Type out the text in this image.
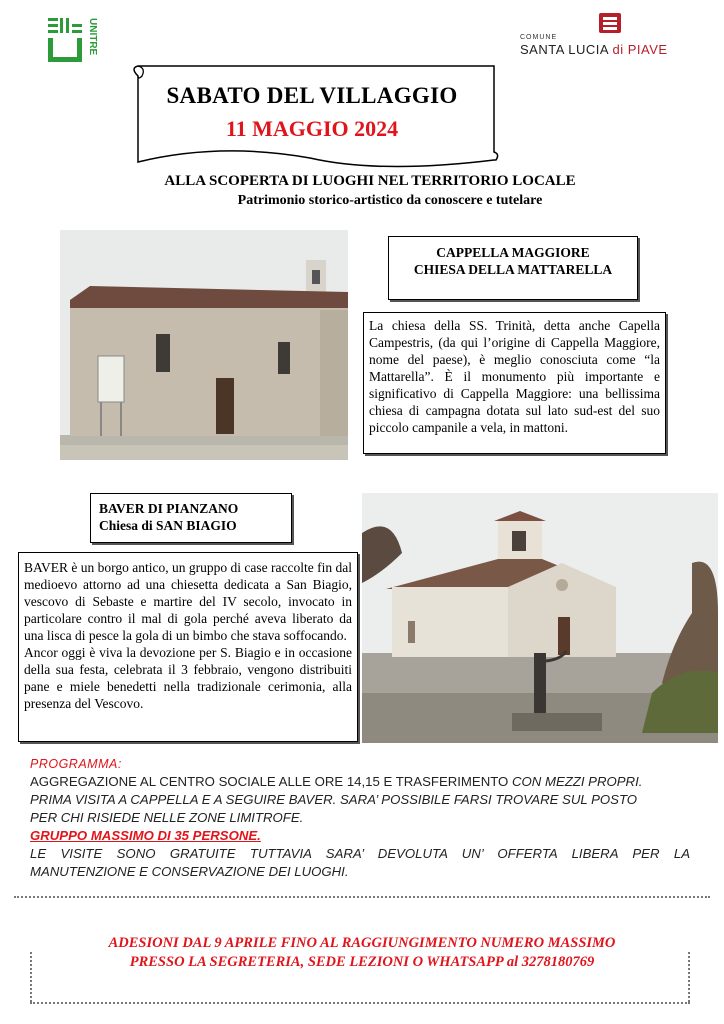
UNITRE	COMUNE
SANTA LUCIA di PIAVE
SABATO DEL VILLAGGIO
11 MAGGIO 2024
ALLA SCOPERTA DI LUOGHI NEL TERRITORIO LOCALE
Patrimonio storico-artistico da conoscere e tutelare
CAPPELLA MAGGIORE
CHIESA DELLA MATTARELLA
La chiesa della SS. Trinità, detta anche Capella Campestris, (da qui l’origine di Cappella Maggiore, nome del paese), è meglio conosciuta come “la Mattarella”. È il monumento più importante e significativo di Cappella Maggiore: una bellissima chiesa di campagna dotata sul lato sud-est del suo piccolo campanile a vela, in mattoni.
BAVER DI PIANZANO
Chiesa di SAN BIAGIO

BAVER è un borgo antico, un gruppo di case raccolte fin dal medioevo attorno ad una chiesetta dedicata a San Biagio, vescovo di Sebaste e martire del IV secolo, invocato in particolare contro il mal di gola perché aveva liberato da una lisca di pesce la gola di un bimbo che stava soffocando.

Ancor oggi è viva la devozione per S. Biagio e in occasione della sua festa, celebrata il 3 febbraio, vengono distribuiti pane e miele benedetti nella tradizionale cerimonia, alla presenza del Vescovo.

PROGRAMMA:
AGGREGAZIONE AL CENTRO SOCIALE ALLE ORE 14,15 E TRASFERIMENTO CON MEZZI PROPRI.
PRIMA VISITA A CAPPELLA E A SEGUIRE BAVER. SARA’ POSSIBILE FARSI TROVARE SUL POSTO
PER CHI RISIEDE NELLE ZONE LIMITROFE.
GRUPPO MASSIMO DI 35 PERSONE.
LE VISITE SONO GRATUITE TUTTAVIA SARA’ DEVOLUTA UN’ OFFERTA LIBERA PER LA
MANUTENZIONE E CONSERVAZIONE DEI LUOGHI.
ADESIONI DAL 9 APRILE FINO AL RAGGIUNGIMENTO NUMERO MASSIMO
PRESSO LA SEGRETERIA, SEDE LEZIONI O WHATSAPP al 3278180769
